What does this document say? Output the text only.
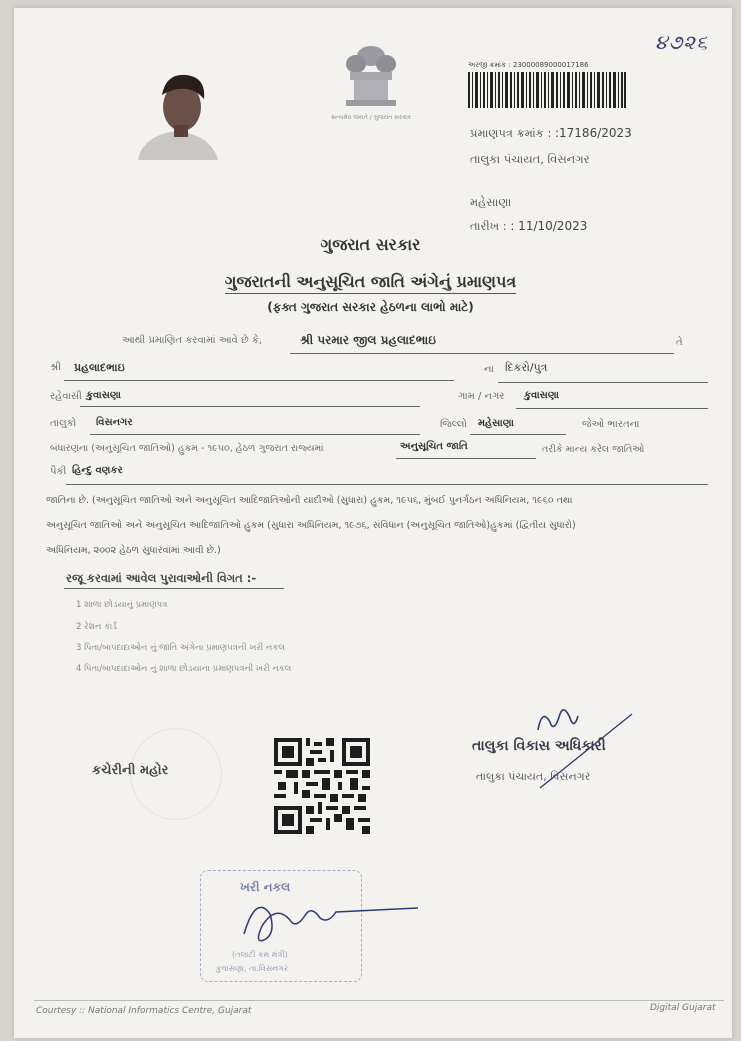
સત્યમેવ જયતે / ગુજરાત સરકાર
૪૭૨૬
અરજી ક્રમાંક : 23000089000017186
પ્રમાણપત્ર ક્રમાંક : :17186/2023
તાલુકા પંચાયત, વિસનગર
મહેસાણા
તારીખ : : 11/10/2023
ગુજરાત સરકાર
ગુજરાતની અનુસૂચિત જાતિ અંગેનું પ્રમાણપત્ર
(ફક્ત ગુજરાત સરકાર હેઠળના લાભો માટે)
આથી પ્રમાણિત કરવામાં આવે છે કે,	શ્રી પરમાર જીલ પ્રહલાદભાઇ	તે
શ્રી પ્રહલાદભાઇ	ના દિકરો/પુત્ર
રહેવાસી કુવાસણા	ગામ / નગર કુવાસણા
તાલુકો વિસનગર	જિલ્લો મહેસાણા	જેઓ ભારતના
બંધારણના (અનુસૂચિત જાતિઓ) હુકમ - ૧૯૫૦, હેઠળ ગુજરાત રાજ્યમાં	અનુસૂચિત જાતિ	તરીકે માન્ય કરેલ જાતિઓ
પૈકી હિન્દુ વણકર
જાતિના છે. (અનુસૂચિત જાતિઓ અને અનુસૂચિત આદિજાતિઓની યાદીઓ (સુધારા) હુકમ, ૧૯૫૬, મુંબઈ પુનર્ગઠન અધિનિયમ, ૧૯૬૦ તથા
અનુસૂચિત જાતિઓ અને અનુસૂચિત આદિજાતિઓ હુકમ (સુધારા અધિનિયમ, ૧૯૭૬, સંવિધાન (અનુસૂચિત જાતિઓ)હુકમાં (દ્વિતીય સુધારો)
અધિનિયમ, ૨૦૦૨ હેઠળ સુધારવામાં આવી છે.)
રજૂ કરવામાં આવેલ પુરાવાઓની વિગત :-
1 શાળા છોડયાનું પ્રમાણપત્ર
2 રેશન કાર્ડ
3 પિતા/બાપદાદાઓન નું જાતિ અંગેના પ્રમાણપત્રની ખરી નકલ
4 પિતા/બાપદાદાઓન નું શાળા છોડયાના પ્રમાણપત્રની ખરી નકલ
કચેરીની મહોર
તાલુકા વિકાસ અધિકારી
તાલુકા પંચાયત, વિસનગર
ખરી નકલ
(તલાટી કમ મંત્રી)
કુવાસણા, તા.વિસનગર
Courtesy :: National Informatics Centre, Gujarat	Digital Gujarat
